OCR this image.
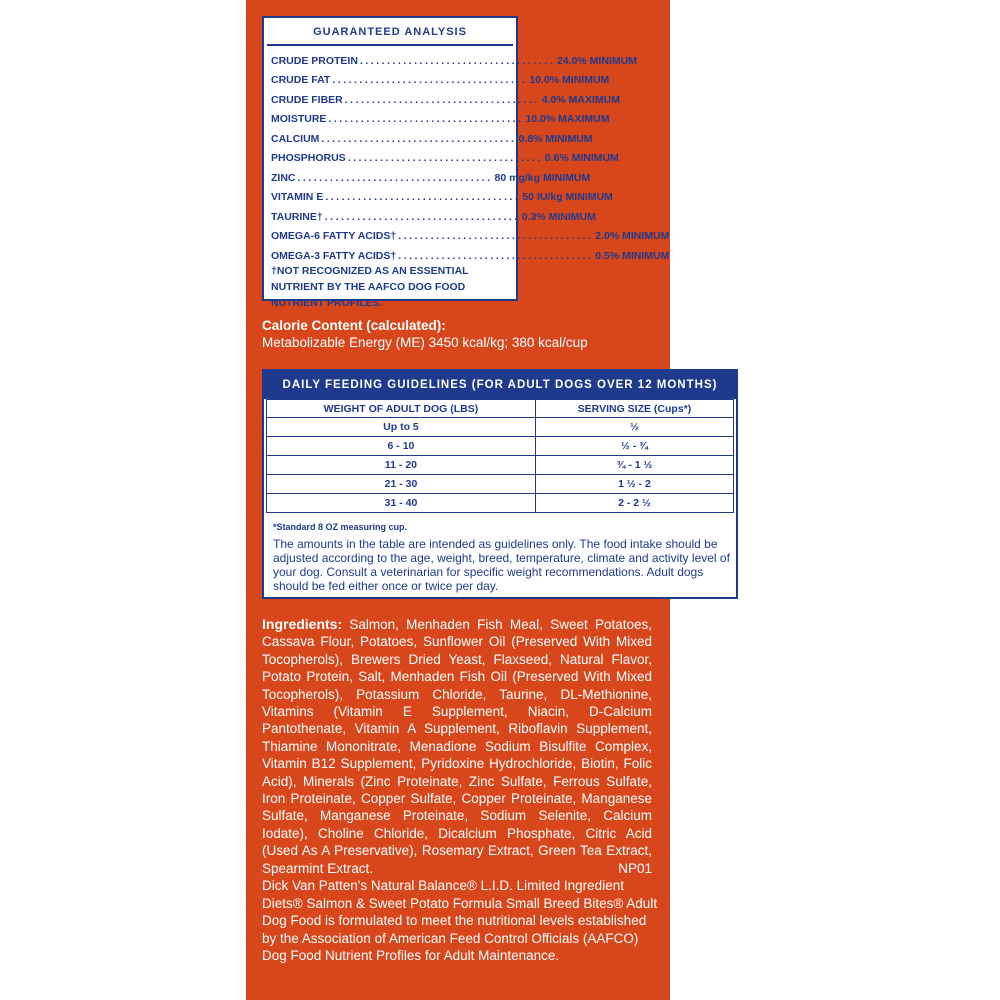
GUARANTEED ANALYSIS
CRUDE PROTEIN .................................... 24.0% MINIMUM
CRUDE FAT .................................... 10.0% MINIMUM
CRUDE FIBER .................................... 4.0% MAXIMUM
MOISTURE .................................... 10.0% MAXIMUM
CALCIUM .................................... 0.8% MINIMUM
PHOSPHORUS .................................... 0.6% MINIMUM
ZINC .................................... 80 mg/kg MINIMUM
VITAMIN E .................................... 50 IU/kg MINIMUM
TAURINE† .................................... 0.3% MINIMUM
OMEGA-6 FATTY ACIDS† .................................... 2.0% MINIMUM
OMEGA-3 FATTY ACIDS† .................................... 0.5% MINIMUM
†NOT RECOGNIZED AS AN ESSENTIAL NUTRIENT BY THE AAFCO DOG FOOD NUTRIENT PROFILES.
Calorie Content (calculated):
Metabolizable Energy (ME) 3450 kcal/kg; 380 kcal/cup
DAILY FEEDING GUIDELINES (FOR ADULT DOGS OVER 12 MONTHS)
WEIGHT OF ADULT DOG (LBS)	SERVING SIZE (Cups*)
Up to 5	½
6 - 10	½ - ¾
11 - 20	¾ - 1 ½
21 - 30	1 ½ - 2
31 - 40	2 - 2 ½
*Standard 8 OZ measuring cup.
The amounts in the table are intended as guidelines only. The food intake should be adjusted according to the age, weight, breed, temperature, climate and activity level of your dog. Consult a veterinarian for specific weight recommendations. Adult dogs should be fed either once or twice per day.
Ingredients: Salmon, Menhaden Fish Meal, Sweet Potatoes, Cassava Flour, Potatoes, Sunflower Oil (Preserved With Mixed Tocopherols), Brewers Dried Yeast, Flaxseed, Natural Flavor, Potato Protein, Salt, Menhaden Fish Oil (Preserved With Mixed Tocopherols), Potassium Chloride, Taurine, DL-Methionine, Vitamins (Vitamin E Supplement, Niacin, D-Calcium Pantothenate, Vitamin A Supplement, Riboflavin Supplement, Thiamine Mononitrate, Menadione Sodium Bisulfite Complex, Vitamin B12 Supplement, Pyridoxine Hydrochloride, Biotin, Folic Acid), Minerals (Zinc Proteinate, Zinc Sulfate, Ferrous Sulfate, Iron Proteinate, Copper Sulfate, Copper Proteinate, Manganese Sulfate, Manganese Proteinate, Sodium Selenite, Calcium Iodate), Choline Chloride, Dicalcium Phosphate, Citric Acid (Used As A Preservative), Rosemary Extract, Green Tea Extract, Spearmint Extract.	NP01
Dick Van Patten's Natural Balance® L.I.D. Limited Ingredient Diets® Salmon & Sweet Potato Formula Small Breed Bites® Adult Dog Food is formulated to meet the nutritional levels established by the Association of American Feed Control Officials (AAFCO) Dog Food Nutrient Profiles for Adult Maintenance.
